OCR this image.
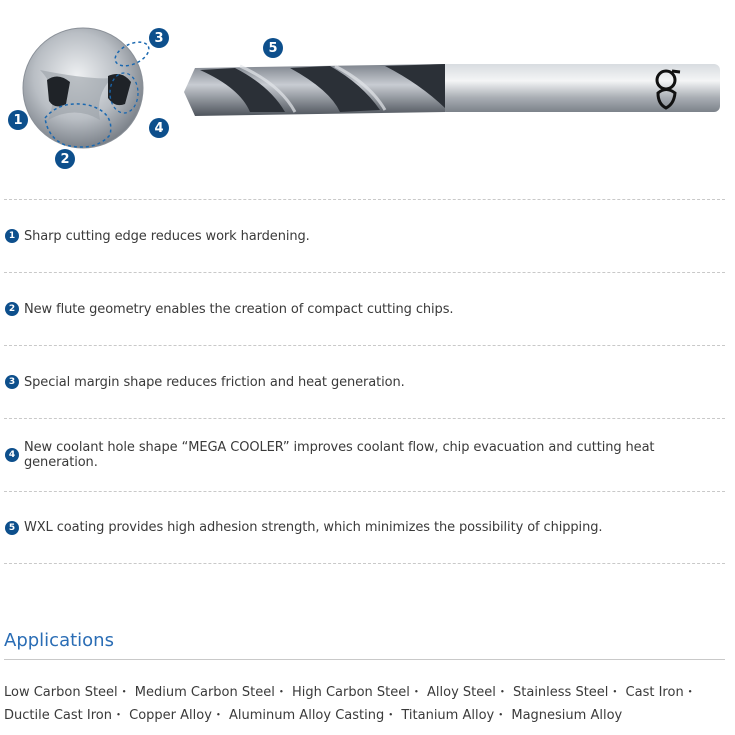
1
2
3
4
5
1 Sharp cutting edge reduces work hardening.
2 New flute geometry enables the creation of compact cutting chips.
3 Special margin shape reduces friction and heat generation.
4 New coolant hole shape “MEGA COOLER” improves coolant flow, chip evacuation and cutting heat generation.
5 WXL coating provides high adhesion strength, which minimizes the possibility of chipping.
Applications
Low Carbon Steel・ Medium Carbon Steel・ High Carbon Steel・ Alloy Steel・ Stainless Steel・ Cast Iron・ Ductile Cast Iron・ Copper Alloy・ Aluminum Alloy Casting・ Titanium Alloy・ Magnesium Alloy
